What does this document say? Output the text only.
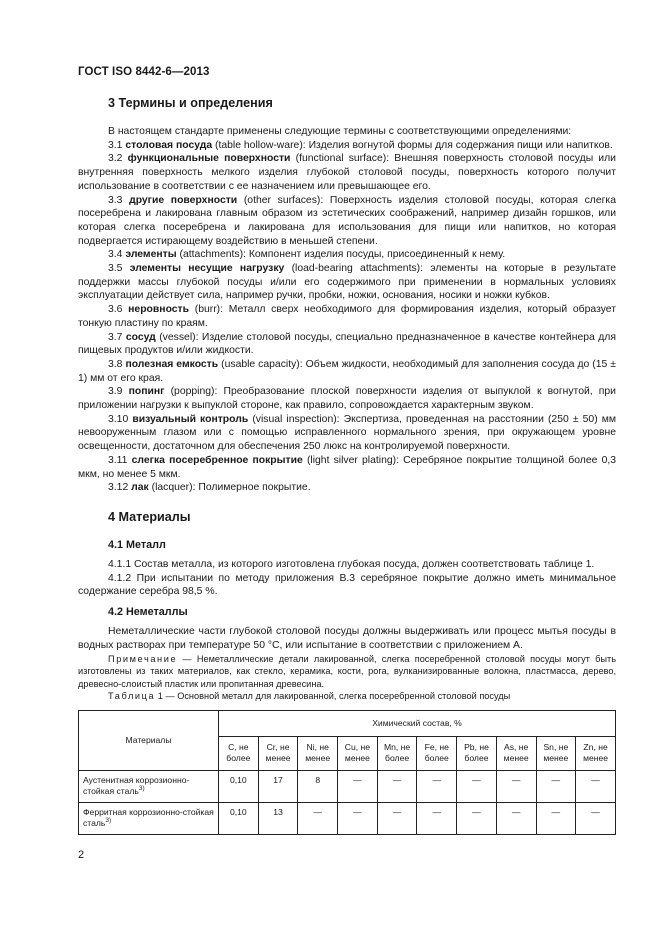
ГОСТ ISO 8442-6—2013
3 Термины и определения

В настоящем стандарте применены следующие термины с соответствующими определениями:

3.1 столовая посуда (table hollow-ware): Изделия вогнутой формы для содержания пищи или напитков.

3.2 функциональные поверхности (functional surface): Внешняя поверхность столовой посуды или внутренняя поверхность мелкого изделия глубокой столовой посуды, поверхность которого получит использование в соответствии с ее назначением или превышающее его.

3.3 другие поверхности (other surfaces): Поверхность изделия столовой посуды, которая слегка посеребрена и лакирована главным образом из эстетических соображений, например дизайн горшков, или которая слегка посеребрена и лакирована для использования для пищи или напитков, но которая подвергается истирающему воздействию в меньшей степени.

3.4 элементы (attachments): Компонент изделия посуды, присоединенный к нему.

3.5 элементы несущие нагрузку (load-bearing attachments): элементы на которые в результате поддержки массы глубокой посуды и/или его содержимого при применении в нормальных условиях эксплуатации действует сила, например ручки, пробки, ножки, основания, носики и ножки кубков.

3.6 неровность (burr): Металл сверх необходимого для формирования изделия, который образует тонкую пластину по краям.

3.7 сосуд (vessel): Изделие столовой посуды, специально предназначенное в качестве контейнера для пищевых продуктов и/или жидкости.

3.8 полезная емкость (usable capacity): Объем жидкости, необходимый для заполнения сосуда до (15 ± 1) мм от его края.

3.9 попинг (popping): Преобразование плоской поверхности изделия от выпуклой к вогнутой, при приложении нагрузки к выпуклой стороне, как правило, сопровождается характерным звуком.

3.10 визуальный контроль (visual inspection): Экспертиза, проведенная на расстоянии (250 ± 50) мм невооруженным глазом или с помощью исправленного нормального зрения, при окружающем уровне освещенности, достаточном для обеспечения 250 люкс на контролируемой поверхности.

3.11 слегка посеребренное покрытие (light silver plating): Серебряное покрытие толщиной более 0,3 мкм, но менее 5 мкм.

3.12 лак (lacquer): Полимерное покрытие.

4 Материалы
4.1 Металл

4.1.1 Состав металла, из которого изготовлена глубокая посуда, должен соответствовать таблице 1.

4.1.2 При испытании по методу приложения В.3 серебряное покрытие должно иметь минимальное содержание серебра 98,5 %.

4.2 Неметаллы

Неметаллические части глубокой столовой посуды должны выдерживать или процесс мытья посуды в водных растворах при температуре 50 °С, или испытание в соответствии с приложением А.

Примечание — Неметаллические детали лакированной, слегка посеребренной столовой посуды могут быть изготовлены из таких материалов, как стекло, керамика, кости, рога, вулканизированные волокна, пластмасса, дерево, древесно-слоистый пластик или пропитанная древесина.

Таблица 1 — Основной металл для лакированной, слегка посеребренной столовой посуды

Материалы	Химический состав, %									
	С, не более	Cr, не менее	Ni, не менее	Cu, не менее	Mn, не более	Fe, не более	Pb, не более	As, не менее	Sn, не менее	Zn, не менее
Аустенитная коррозионно-стойкая сталь$^{3)}$	0,10	17	8	—	—	—	—	—	—	—
Ферритная коррозионно-стойкая сталь$^{3)}$	0,10	13	—	—	—	—	—	—	—	—
2
